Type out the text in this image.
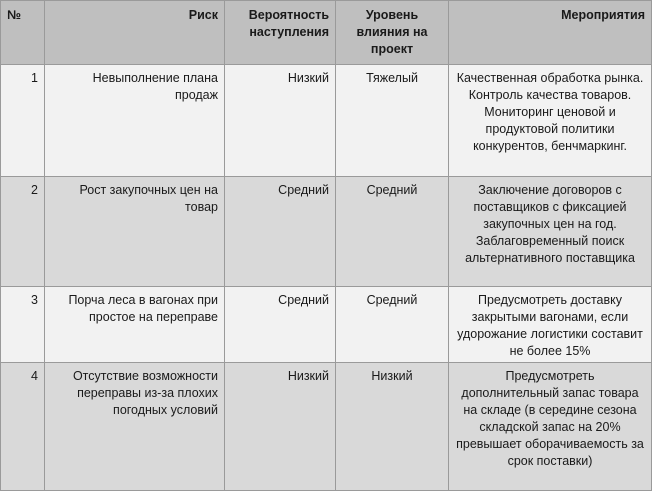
№	Риск	Вероятность наступления	Уровень влияния на проект	Мероприятия
1	Невыполнение плана продаж	Низкий	Тяжелый	Качественная обработка рынка. Контроль качества товаров. Мониторинг ценовой и продуктовой политики конкурентов, бенчмаркинг.
2	Рост закупочных цен на товар	Средний	Средний	Заключение договоров с поставщиков с фиксацией закупочных цен на год. Заблаговременный поиск альтернативного поставщика
3	Порча леса в вагонах при простое на переправе	Средний	Средний	Предусмотреть доставку закрытыми вагонами, если удорожание логистики составит не более 15%
4	Отсутствие возможности переправы из-за плохих погодных условий	Низкий	Низкий	Предусмотреть дополнительный запас товара на складе (в середине сезона складской запас на 20% превышает оборачиваемость за срок поставки)
